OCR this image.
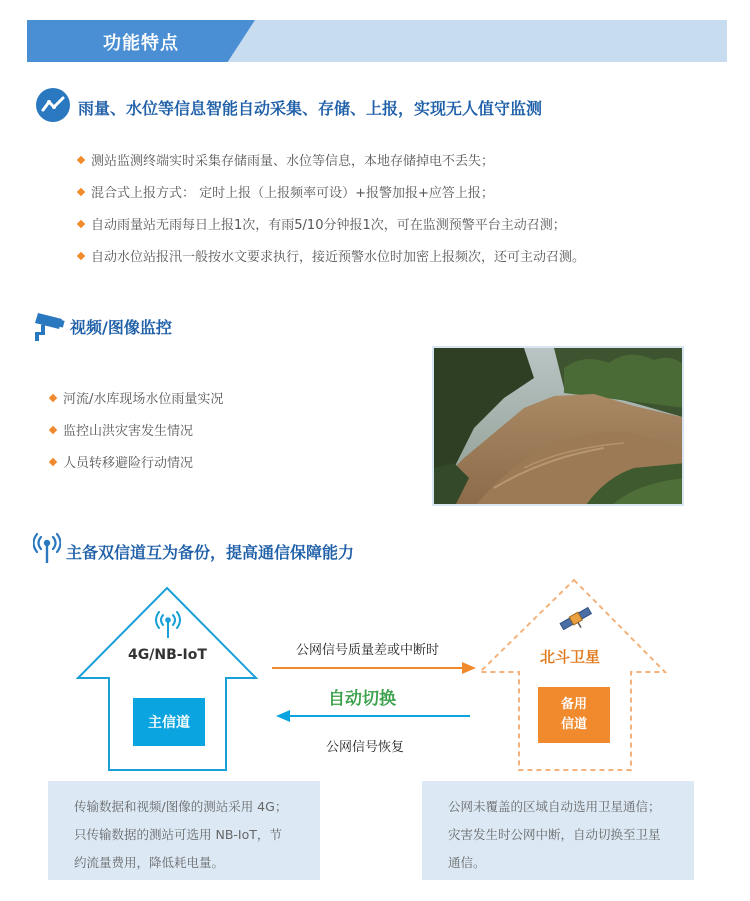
功能特点
雨量、水位等信息智能自动采集、存储、上报，实现无人值守监测
测站监测终端实时采集存储雨量、水位等信息，本地存储掉电不丢失；
混合式上报方式： 定时上报（上报频率可设）+报警加报+应答上报；
自动雨量站无雨每日上报1次，有雨5/10分钟报1次，可在监测预警平台主动召测；
自动水位站报汛一般按水文要求执行，接近预警水位时加密上报频次，还可主动召测。
视频/图像监控
河流/水库现场水位雨量实况
监控山洪灾害发生情况
人员转移避险行动情况
主备双信道互为备份，提高通信保障能力
4G/NB-IoT
主信道
北斗卫星
备用
信道
公网信号质量差或中断时
自动切换
公网信号恢复

传输数据和视频/图像的测站采用 4G；

只传输数据的测站可选用 NB-IoT，节

约流量费用，降低耗电量。

公网未覆盖的区域自动选用卫星通信；

灾害发生时公网中断，自动切换至卫星

通信。
